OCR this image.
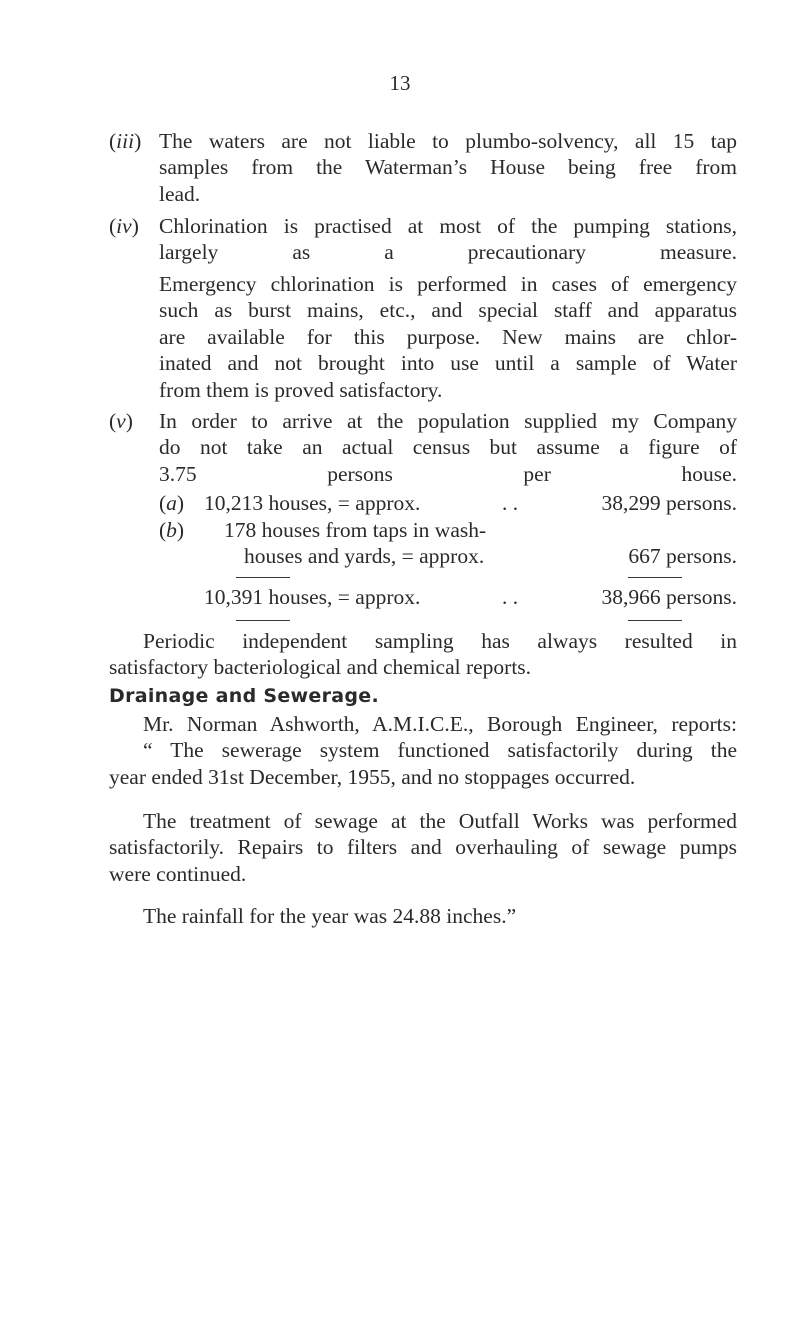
13
(iii) The waters are not liable to plumbo-solvency, all 15 tap
samples from the Waterman’s House being free from
lead.
(iv) Chlorination is practised at most of the pumping stations,
largely as a precautionary measure.
Emergency chlorination is performed in cases of emergency
such as burst mains, etc., and special staff and apparatus
are available for this purpose. New mains are chlor-
inated and not brought into use until a sample of Water
from them is proved satisfactory.
(v) In order to arrive at the population supplied my Company
do not take an actual census but assume a figure of
3.75 persons per house.
(a) 10,213 houses, = approx.	. .	38,299 persons.
(b) 178 houses from taps in wash-
houses and yards, = approx.	667 persons.
10,391 houses, = approx.	. .	38,966 persons.
Periodic independent sampling has always resulted in
satisfactory bacteriological and chemical reports.
Drainage and Sewerage.
Mr. Norman Ashworth, A.M.I.C.E., Borough Engineer, reports:
“ The sewerage system functioned satisfactorily during the
year ended 31st December, 1955, and no stoppages occurred.
The treatment of sewage at the Outfall Works was performed
satisfactorily. Repairs to filters and overhauling of sewage pumps
were continued.
The rainfall for the year was 24.88 inches.”
